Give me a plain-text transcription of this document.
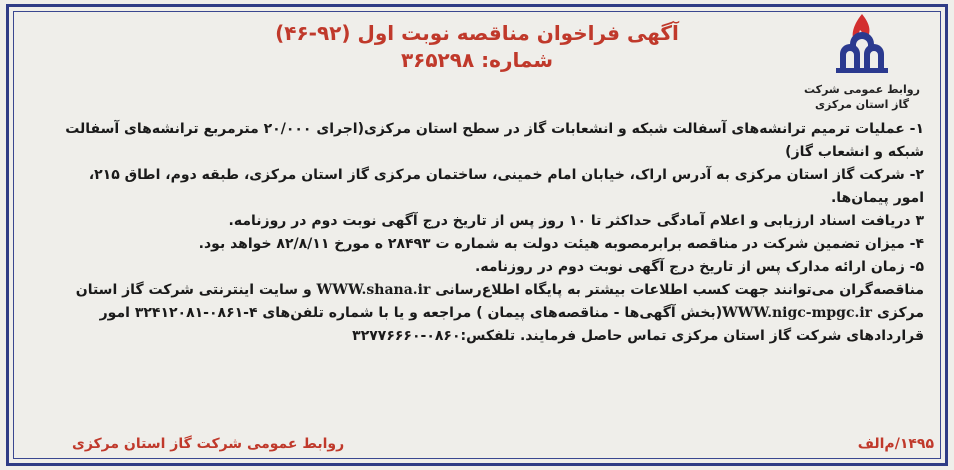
روابط عمومی شرکت
گاز استان مرکزی
آگهی فراخوان مناقصه نوبت اول (۹۲-۴۶)
شماره: ۳۶۵۲۹۸

۱- عملیات ترمیم ترانشه‌های آسفالت شبکه و انشعابات گاز در سطح استان مرکزی(اجرای ۲۰/۰۰۰ مترمربع ترانشه‌های آسفالت شبکه و انشعاب گاز)

۲- شرکت گاز استان مرکزی به آدرس اراک، خیابان امام خمینی، ساختمان مرکزی گاز استان مرکزی، طبقه دوم، اطاق ۲۱۵، امور پیمان‌ها.

۳ دریافت اسناد ارزیابی و اعلام آمادگی حداکثر تا ۱۰ روز پس از تاریخ درج آگهی نوبت دوم در روزنامه.

۴- میزان تضمین شرکت در مناقصه برابرمصوبه هیئت دولت به شماره ت ۲۸۴۹۳ ه مورخ ۸۲/۸/۱۱ خواهد بود.

۵- زمان ارائه مدارک پس از تاریخ درج آگهی نوبت دوم در روزنامه.

مناقصه‌گران می‌توانند جهت کسب اطلاعات بیشتر به پایگاه اطلاع‌رسانی WWW.shana.ir و سایت اینترنتی شرکت گاز استان مرکزی WWW.nigc-mpgc.ir(بخش آگهی‌ها - مناقصه‌های پیمان ) مراجعه و یا با شماره تلفن‌های ۴-۰۸۶۱-۳۲۴۱۲۰۸۱ امور قراردادهای شرکت گاز استان مرکزی تماس حاصل فرمایند. تلفکس:۰۸۶۰-۳۲۷۷۶۶۶۰

۱۴۹۵/م‌الف
روابط عمومی شرکت گاز استان مرکزی
